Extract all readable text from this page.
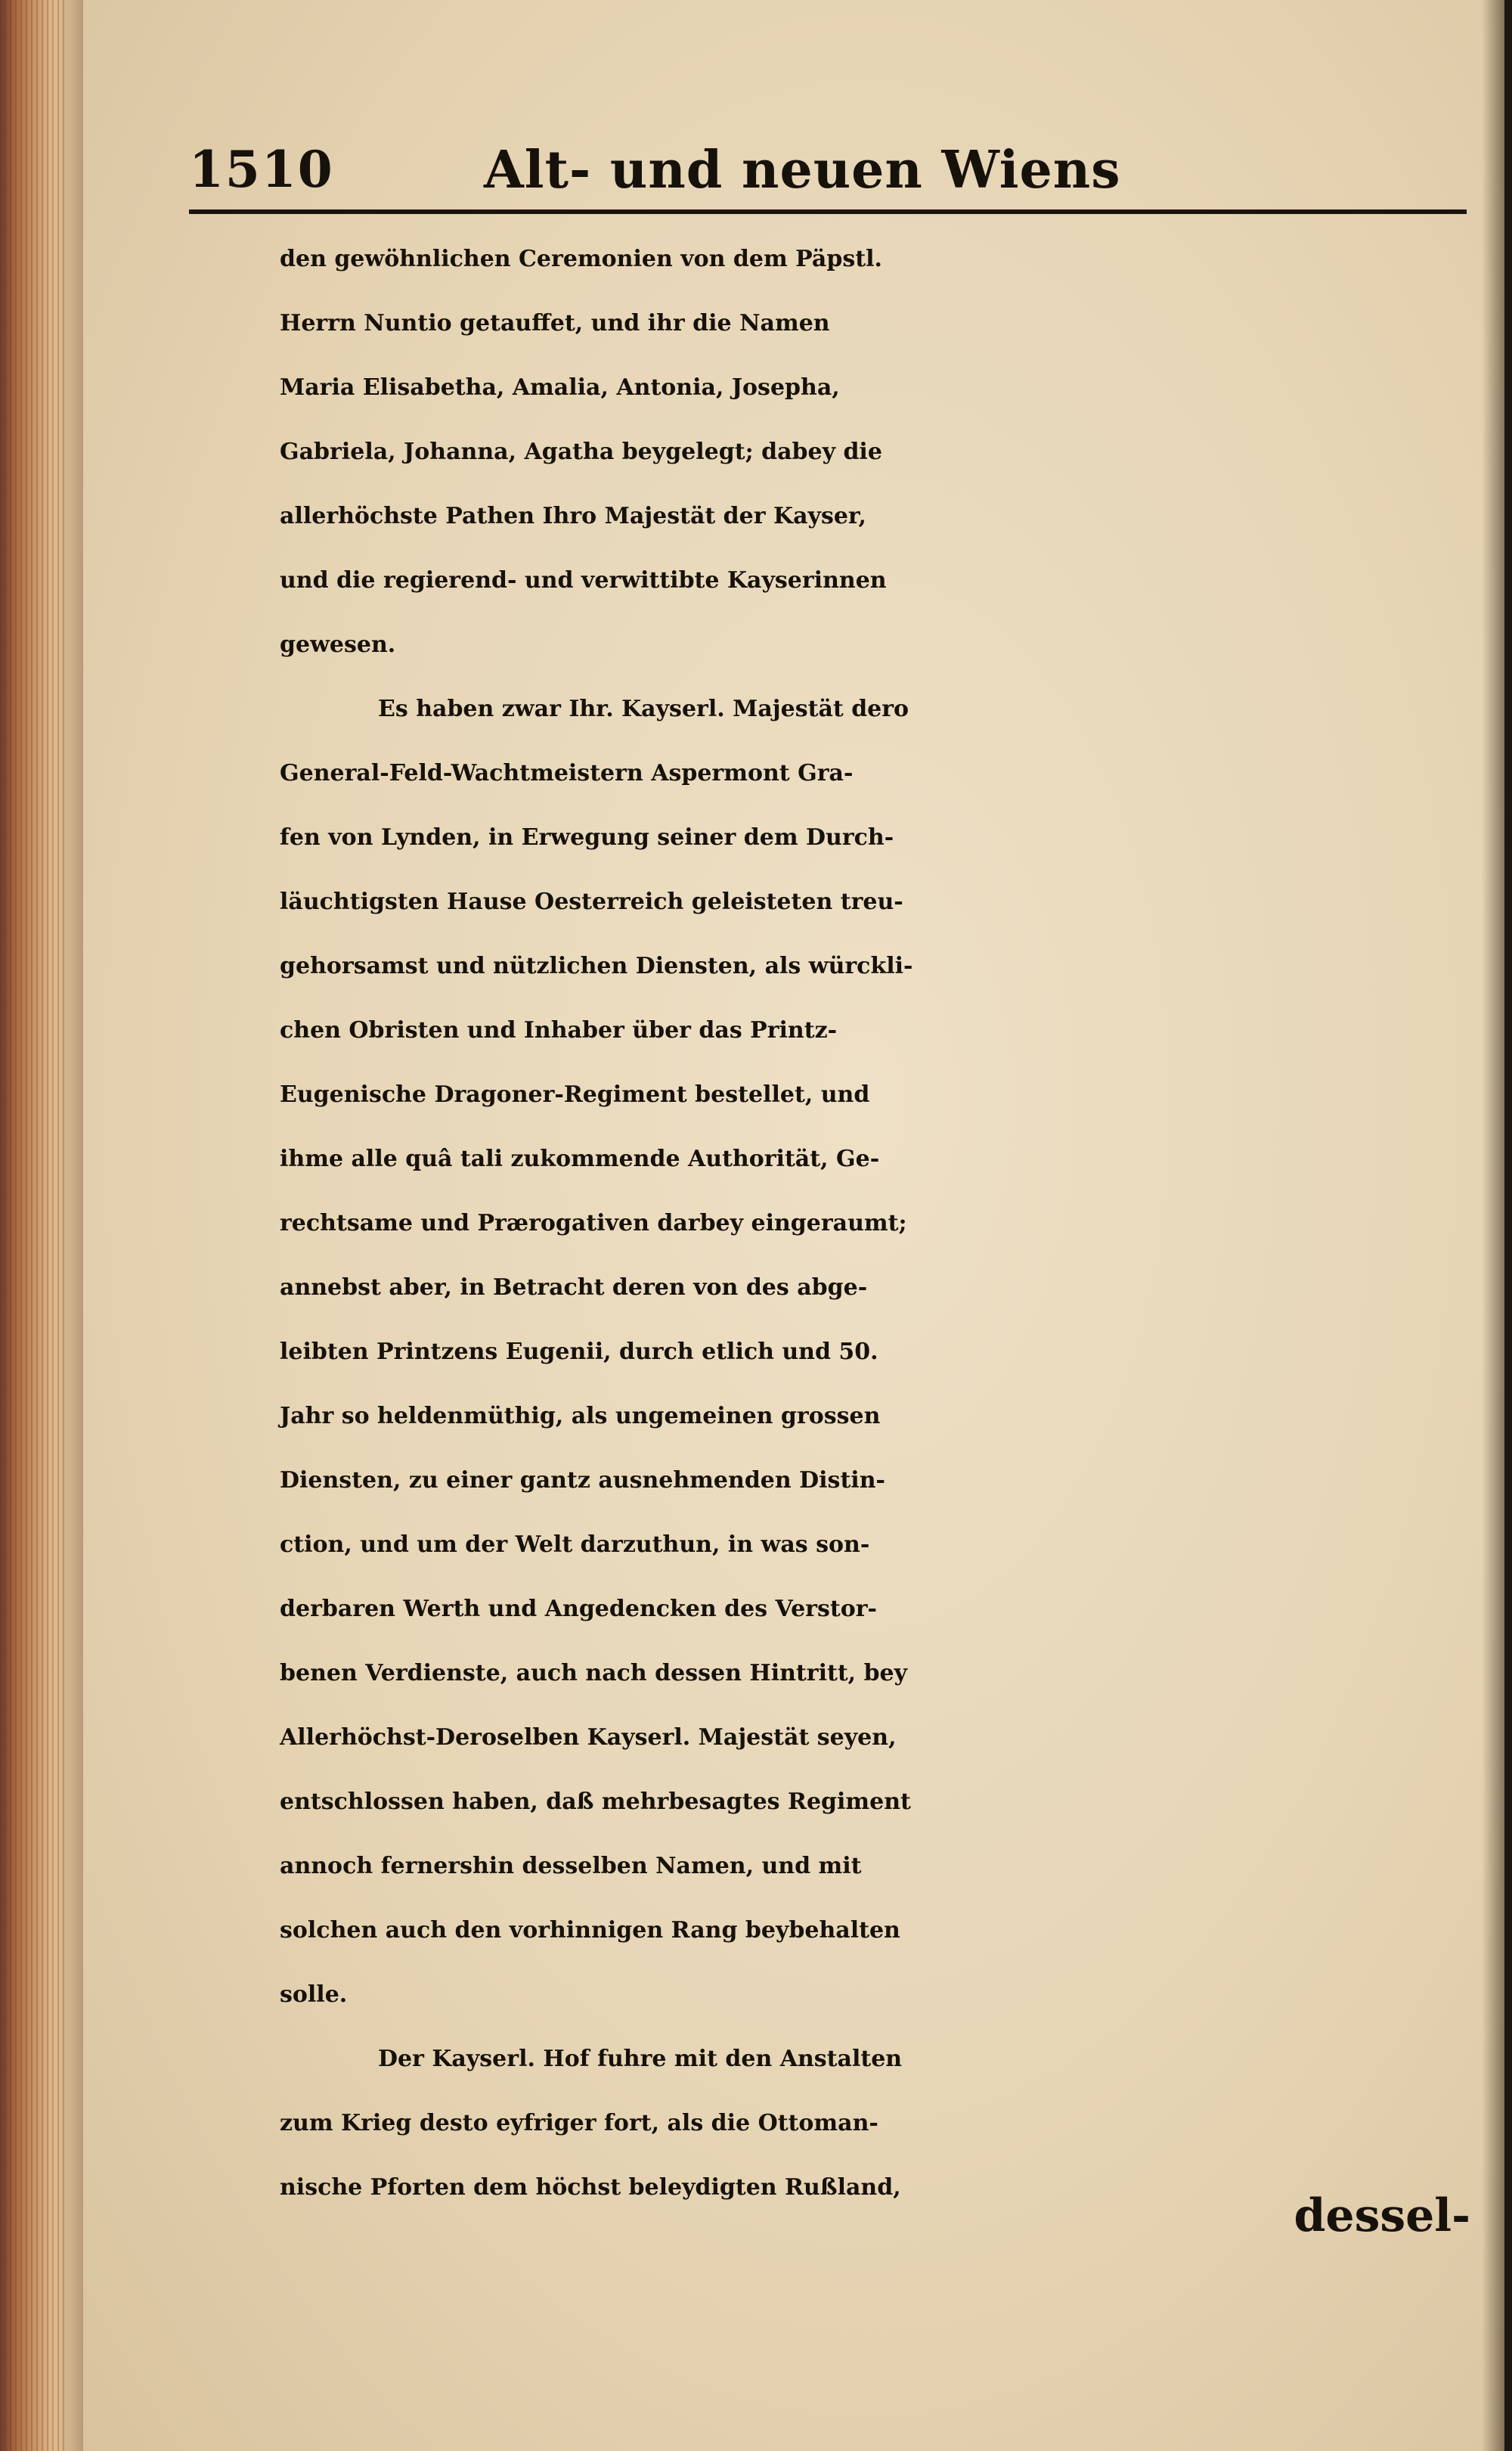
1510	Alt- und neuen Wiens
den gewöhnlichen Ceremonien von dem Päpstl.
Herrn Nuntio getauffet, und ihr die Namen
Maria Elisabetha, Amalia, Antonia, Josepha,
Gabriela, Johanna, Agatha beygelegt; dabey die
allerhöchste Pathen Ihro Majestät der Kayser,
und die regierend- und verwittibte Kayserinnen
gewesen.
Es haben zwar Ihr. Kayserl. Majestät dero
General-Feld-Wachtmeistern Aspermont Gra-
fen von Lynden, in Erwegung seiner dem Durch-
läuchtigsten Hause Oesterreich geleisteten treu-
gehorsamst und nützlichen Diensten, als würckli-
chen Obristen und Inhaber über das Printz-
Eugenische Dragoner-Regiment bestellet, und
ihme alle quâ tali zukommende Authorität, Ge-
rechtsame und Prærogativen darbey eingeraumt;
annebst aber, in Betracht deren von des abge-
leibten Printzens Eugenii, durch etlich und 50.
Jahr so heldenmüthig, als ungemeinen grossen
Diensten, zu einer gantz ausnehmenden Distin-
ction, und um der Welt darzuthun, in was son-
derbaren Werth und Angedencken des Verstor-
benen Verdienste, auch nach dessen Hintritt, bey
Allerhöchst-Deroselben Kayserl. Majestät seyen,
entschlossen haben, daß mehrbesagtes Regiment
annoch fernershin desselben Namen, und mit
solchen auch den vorhinnigen Rang beybehalten
solle.
Der Kayserl. Hof fuhre mit den Anstalten
zum Krieg desto eyfriger fort, als die Ottoman-
nische Pforten dem höchst beleydigten Rußland,
dessel-
